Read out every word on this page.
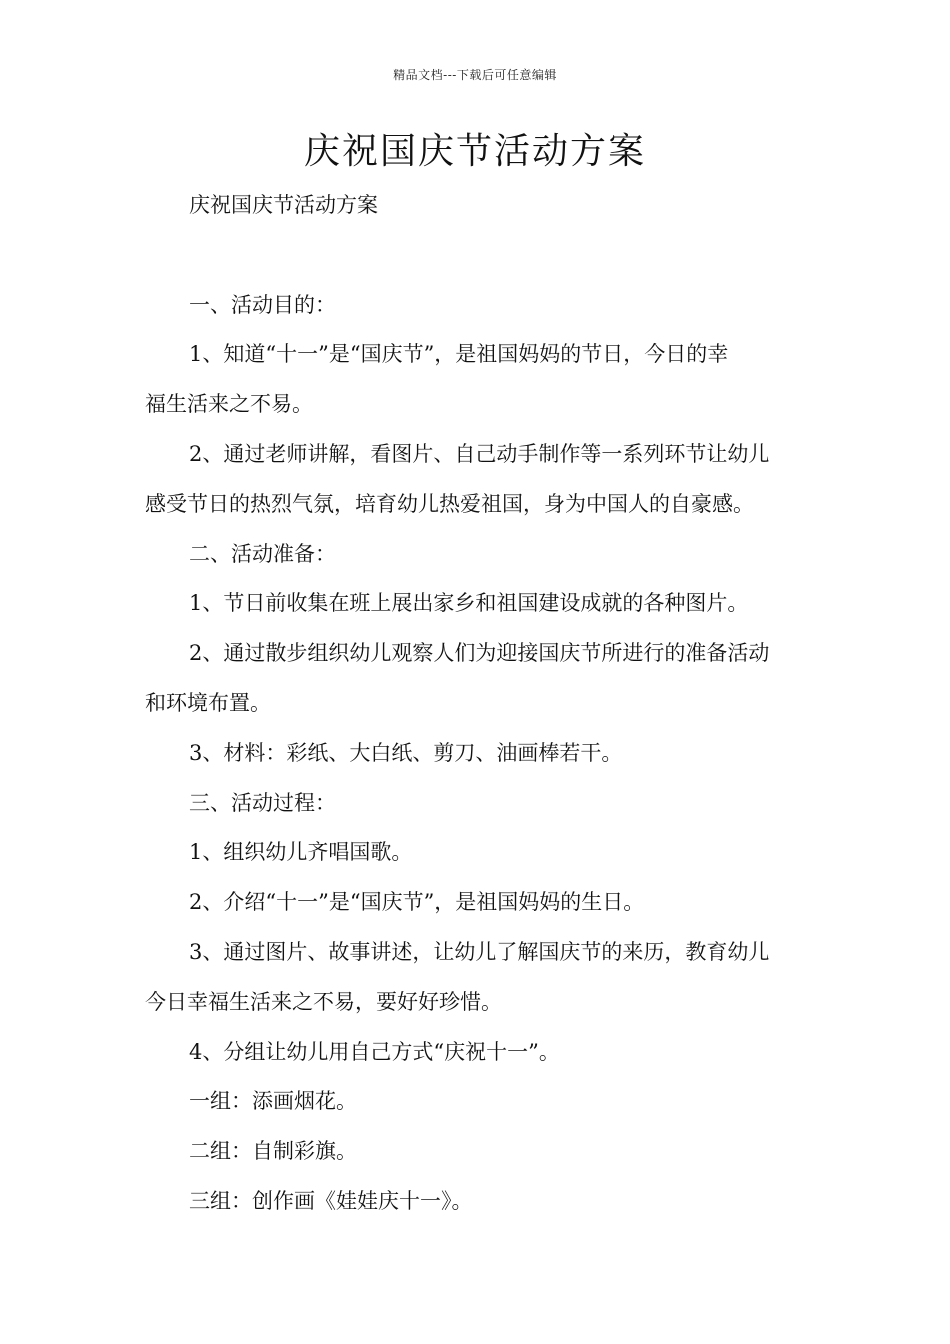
精品文档---下载后可任意编辑
庆祝国庆节活动方案

庆祝国庆节活动方案

一、活动目的：

1、知道“十一”是“国庆节”，是祖国妈妈的节日，今日的幸

福生活来之不易。

2、通过老师讲解，看图片、自己动手制作等一系列环节让幼儿

感受节日的热烈气氛，培育幼儿热爱祖国，身为中国人的自豪感。

二、活动准备：

1、节日前收集在班上展出家乡和祖国建设成就的各种图片。

2、通过散步组织幼儿观察人们为迎接国庆节所进行的准备活动

和环境布置。

3、材料：彩纸、大白纸、剪刀、油画棒若干。

三、活动过程：

1、组织幼儿齐唱国歌。

2、介绍“十一”是“国庆节”，是祖国妈妈的生日。

3、通过图片、故事讲述，让幼儿了解国庆节的来历，教育幼儿

今日幸福生活来之不易，要好好珍惜。

4、分组让幼儿用自己方式“庆祝十一”。

一组：添画烟花。

二组：自制彩旗。

三组：创作画《娃娃庆十一》。
